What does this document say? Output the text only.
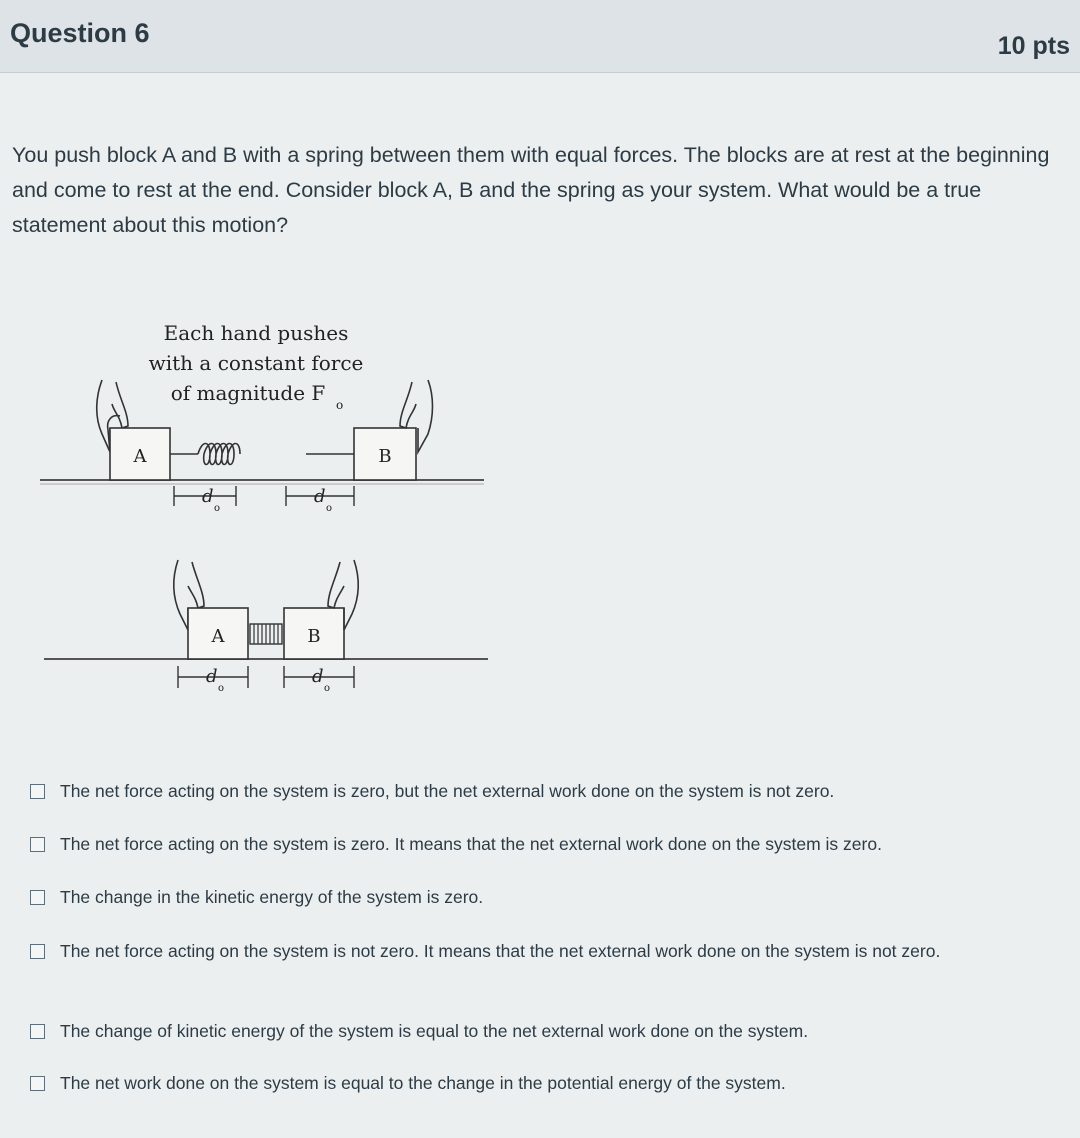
Question 6	10 pts
You push block A and B with a spring between them with equal forces. The blocks are at rest at the beginning and come to rest at the end. Consider block A, B and the spring as your system. What would be a true statement about this motion?
Each hand pushes
with a constant force
of magnitude F o
A	B
d
o
d
o
A	B
d
o
d
o
The net force acting on the system is zero, but the net external work done on the system is not zero.
The net force acting on the system is zero. It means that the net external work done on the system is zero.
The change in the kinetic energy of the system is zero.
The net force acting on the system is not zero. It means that the net external work done on the system is not zero.
The change of kinetic energy of the system is equal to the net external work done on the system.
The net work done on the system is equal to the change in the potential energy of the system.
